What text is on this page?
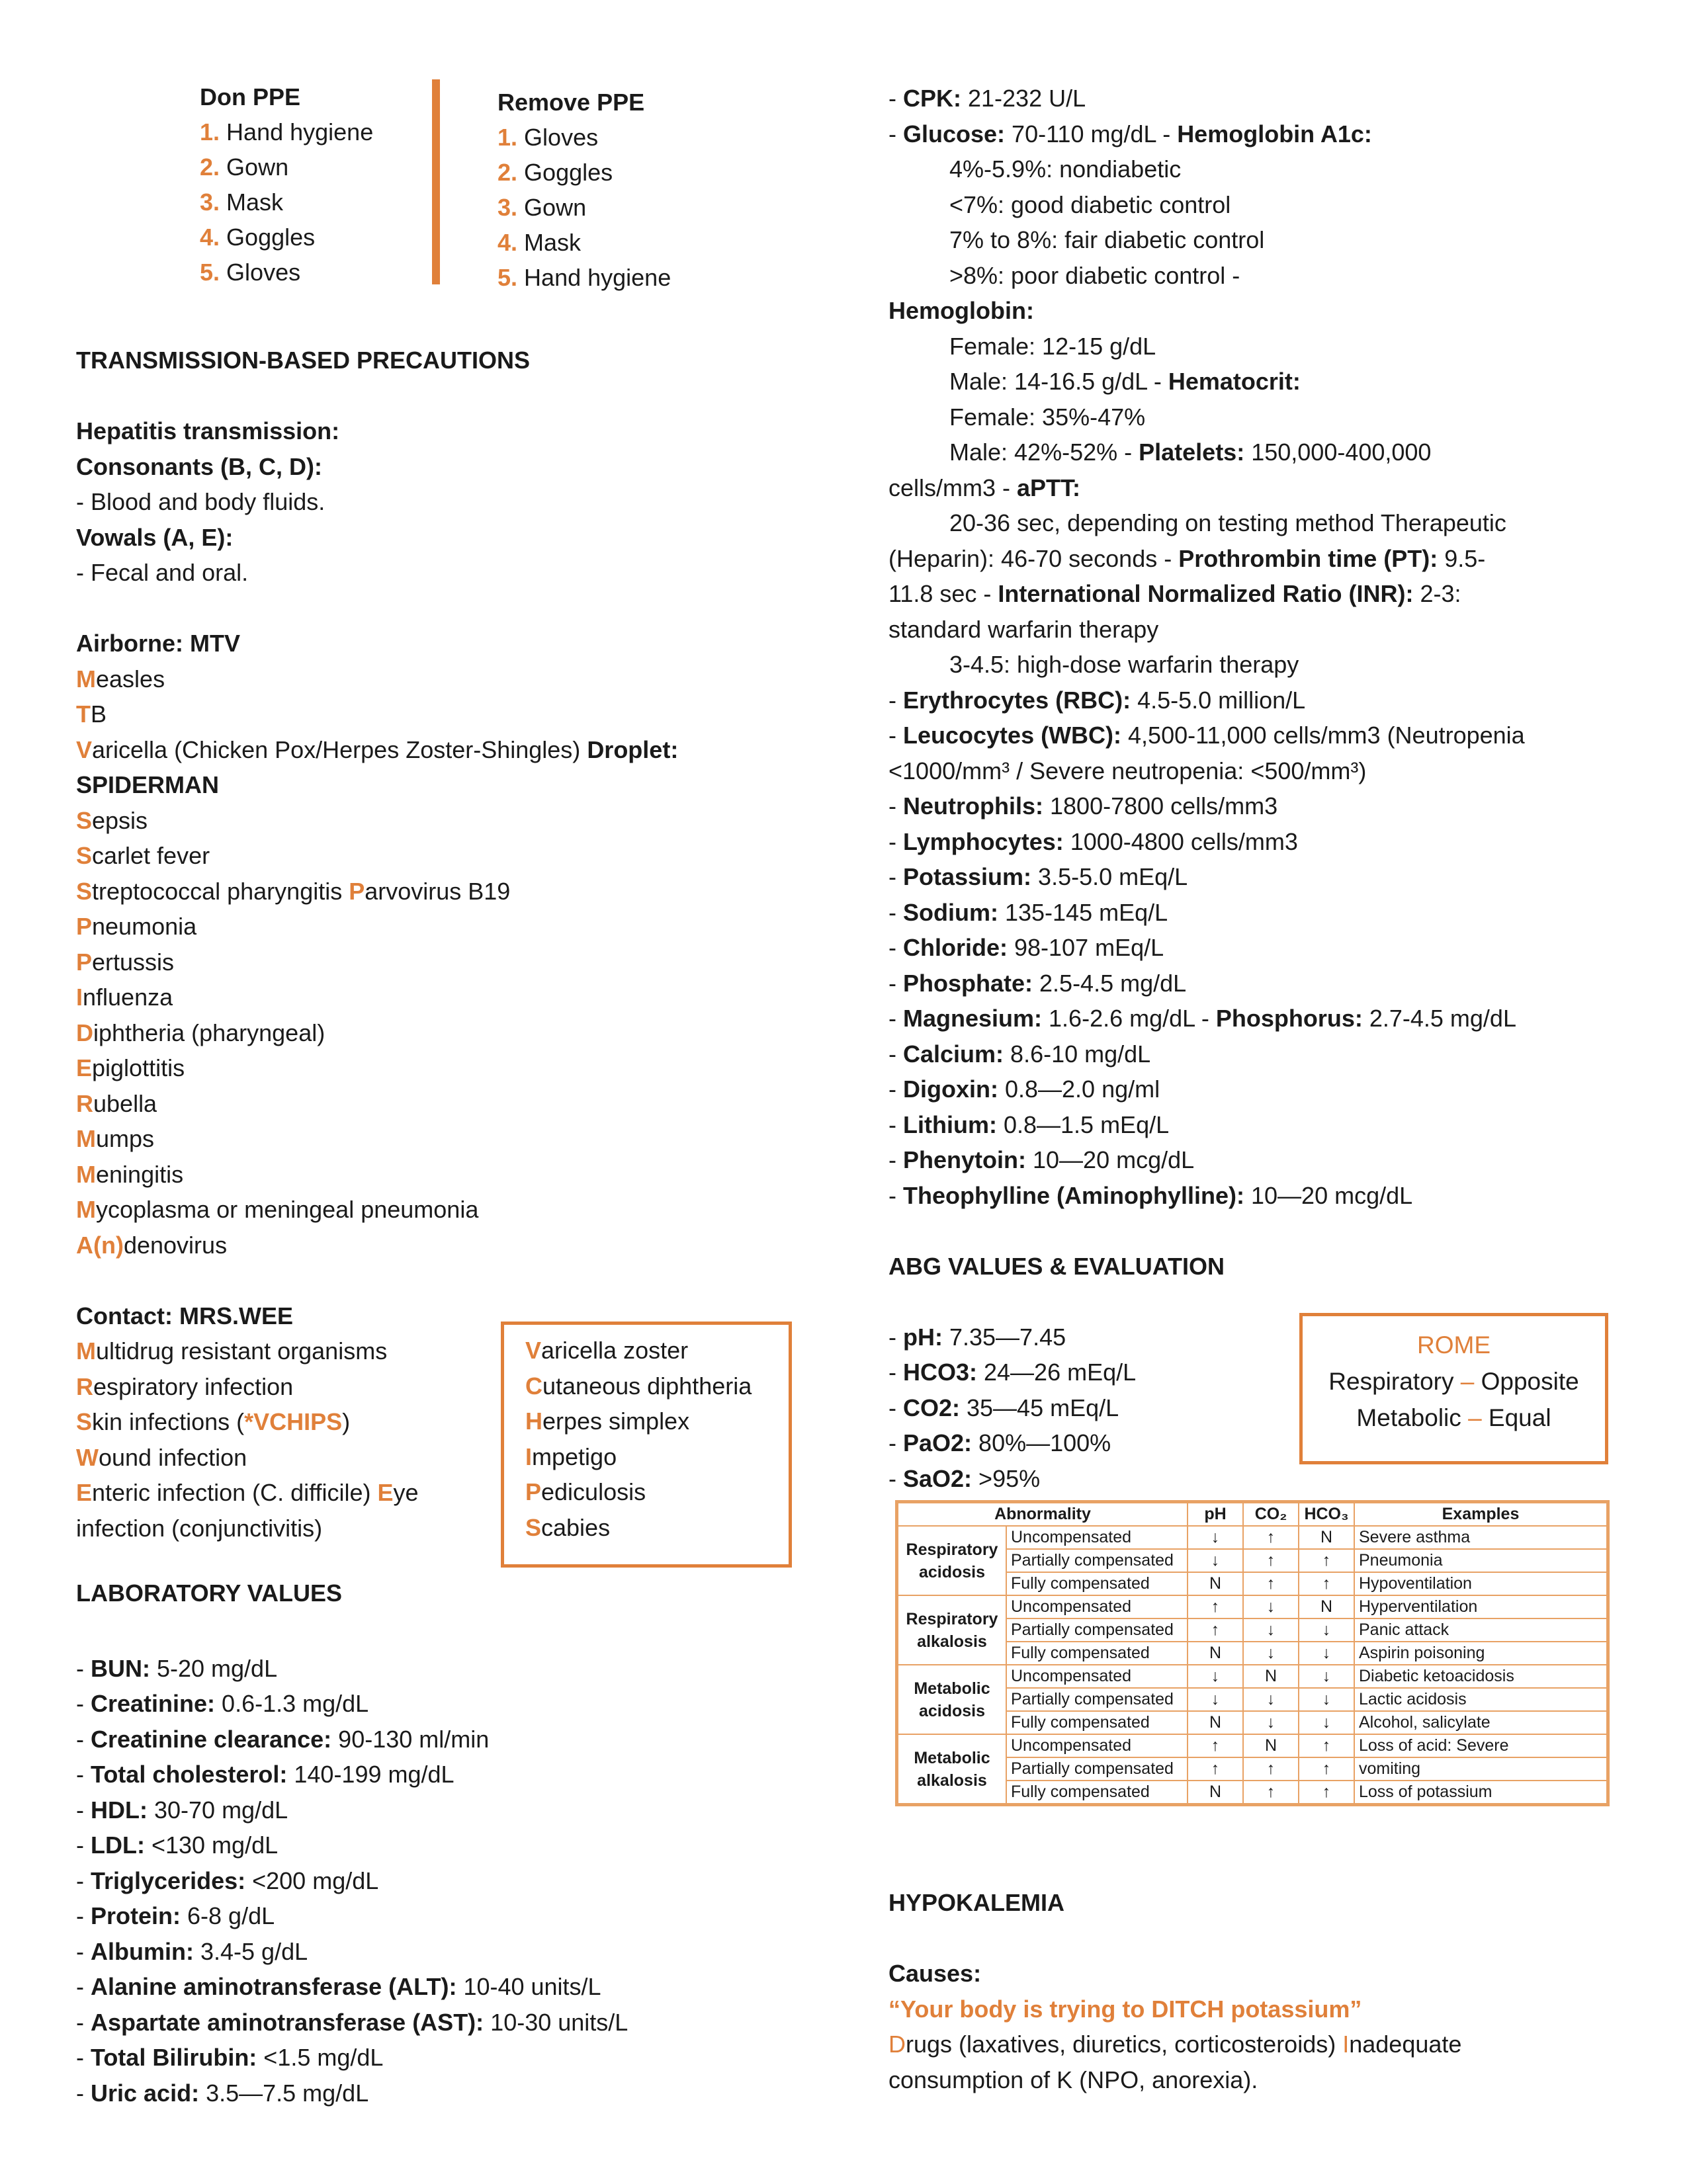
Don PPE
1. Hand hygiene
2. Gown
3. Mask
4. Goggles
5. Gloves
Remove PPE
1. Gloves
2. Goggles
3. Gown
4. Mask
5. Hand hygiene
TRANSMISSION-BASED PRECAUTIONS

Hepatitis transmission:
Consonants (B, C, D):
- Blood and body fluids.
Vowals (A, E):
- Fecal and oral.

Airborne: MTV
Measles
TB
Varicella (Chicken Pox/Herpes Zoster-Shingles) Droplet:
SPIDERMAN
Sepsis
Scarlet fever
Streptococcal pharyngitis Parvovirus B19
Pneumonia
Pertussis
Influenza
Diphtheria (pharyngeal)
Epiglottitis
Rubella
Mumps
Meningitis
Mycoplasma or meningeal pneumonia
A(n)denovirus

Contact: MRS.WEE
Multidrug resistant organisms
Respiratory infection
Skin infections (*VCHIPS)
Wound infection
Enteric infection (C. difficile) Eye
infection (conjunctivitis)

LABORATORY VALUES

- BUN: 5-20 mg/dL
- Creatinine: 0.6-1.3 mg/dL
- Creatinine clearance: 90-130 ml/min
- Total cholesterol: 140-199 mg/dL
- HDL: 30-70 mg/dL
- LDL: <130 mg/dL
- Triglycerides: <200 mg/dL
- Protein: 6-8 g/dL
- Albumin: 3.4-5 g/dL
- Alanine aminotransferase (ALT): 10-40 units/L
- Aspartate aminotransferase (AST): 10-30 units/L
- Total Bilirubin: <1.5 mg/dL
- Uric acid: 3.5—7.5 mg/dL
Varicella zoster
Cutaneous diphtheria
Herpes simplex
Impetigo
Pediculosis
Scabies
- CPK: 21-232 U/L
- Glucose: 70-110 mg/dL - Hemoglobin A1c:
4%-5.9%: nondiabetic
<7%: good diabetic control
7% to 8%: fair diabetic control
>8%: poor diabetic control -
Hemoglobin:
Female: 12-15 g/dL
Male: 14-16.5 g/dL - Hematocrit:
Female: 35%-47%
Male: 42%-52% - Platelets: 150,000-400,000
cells/mm3 - aPTT:
20-36 sec, depending on testing method Therapeutic
(Heparin): 46-70 seconds - Prothrombin time (PT): 9.5-
11.8 sec - International Normalized Ratio (INR): 2-3:
standard warfarin therapy
3-4.5: high-dose warfarin therapy
- Erythrocytes (RBC): 4.5-5.0 million/L
- Leucocytes (WBC): 4,500-11,000 cells/mm3 (Neutropenia
<1000/mm³ / Severe neutropenia: <500/mm³)
- Neutrophils: 1800-7800 cells/mm3
- Lymphocytes: 1000-4800 cells/mm3
- Potassium: 3.5-5.0 mEq/L
- Sodium: 135-145 mEq/L
- Chloride: 98-107 mEq/L
- Phosphate: 2.5-4.5 mg/dL
- Magnesium: 1.6-2.6 mg/dL - Phosphorus: 2.7-4.5 mg/dL
- Calcium: 8.6-10 mg/dL
- Digoxin: 0.8—2.0 ng/ml
- Lithium: 0.8—1.5 mEq/L
- Phenytoin: 10—20 mcg/dL
- Theophylline (Aminophylline): 10—20 mcg/dL

ABG VALUES & EVALUATION

- pH: 7.35—7.45
- HCO3: 24—26 mEq/L
- CO2: 35—45 mEq/L
- PaO2: 80%—100%
- SaO2: >95%
ROME
Respiratory – Opposite
Metabolic – Equal
Abnormality		pH	CO₂	HCO₃	Examples
Respiratory acidosis	Uncompensated	↓	↑	N	Severe asthma
	Partially compensated	↓	↑	↑	Pneumonia
	Fully compensated	N	↑	↑	Hypoventilation
Respiratory alkalosis	Uncompensated	↑	↓	N	Hyperventilation
	Partially compensated	↑	↓	↓	Panic attack
	Fully compensated	N	↓	↓	Aspirin poisoning
Metabolic acidosis	Uncompensated	↓	N	↓	Diabetic ketoacidosis
	Partially compensated	↓	↓	↓	Lactic acidosis
	Fully compensated	N	↓	↓	Alcohol, salicylate
Metabolic alkalosis	Uncompensated	↑	N	↑	Loss of acid: Severe
	Partially compensated	↑	↑	↑	vomiting
	Fully compensated	N	↑	↑	Loss of potassium
HYPOKALEMIA

Causes:
“Your body is trying to DITCH potassium”
Drugs (laxatives, diuretics, corticosteroids) Inadequate
consumption of K (NPO, anorexia).
